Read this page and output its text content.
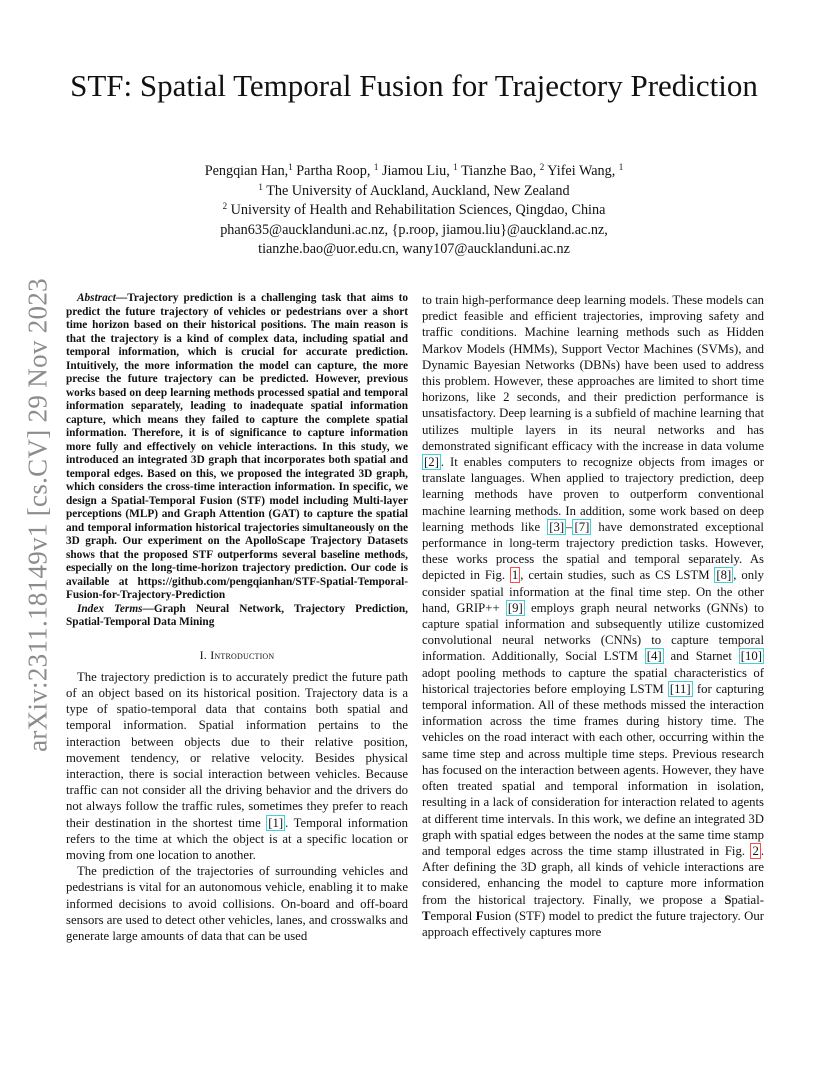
arXiv:2311.18149v1 [cs.CV] 29 Nov 2023
STF: Spatial Temporal Fusion for Trajectory Prediction
Pengqian Han,$^1$ Partha Roop, $^1$ Jiamou Liu, $^1$ Tianzhe Bao, $^2$ Yifei Wang, $^1$
$^1$ The University of Auckland, Auckland, New Zealand
$^2$ University of Health and Rehabilitation Sciences, Qingdao, China
phan635@aucklanduni.ac.nz, {p.roop, jiamou.liu}@auckland.ac.nz,
tianzhe.bao@uor.edu.cn, wany107@aucklanduni.ac.nz

Abstract—Trajectory prediction is a challenging task that aims to predict the future trajectory of vehicles or pedestrians over a short time horizon based on their historical positions. The main reason is that the trajectory is a kind of complex data, including spatial and temporal information, which is crucial for accurate prediction. Intuitively, the more information the model can capture, the more precise the future trajectory can be predicted. However, previous works based on deep learning methods processed spatial and temporal information separately, leading to inadequate spatial information capture, which means they failed to capture the complete spatial information. Therefore, it is of significance to capture information more fully and effectively on vehicle interactions. In this study, we introduced an integrated 3D graph that incorporates both spatial and temporal edges. Based on this, we proposed the integrated 3D graph, which considers the cross-time interaction information. In specific, we design a Spatial-Temporal Fusion (STF) model including Multi-layer perceptions (MLP) and Graph Attention (GAT) to capture the spatial and temporal information historical trajectories simultaneously on the 3D graph. Our experiment on the ApolloScape Trajectory Datasets shows that the proposed STF outperforms several baseline methods, especially on the long-time-horizon trajectory prediction. Our code is available at https://github.com/pengqianhan/STF-Spatial-Temporal-Fusion-for-Trajectory-Prediction

Index Terms—Graph Neural Network, Trajectory Prediction, Spatial-Temporal Data Mining

I. Introduction

The trajectory prediction is to accurately predict the future path of an object based on its historical position. Trajectory data is a type of spatio-temporal data that contains both spatial and temporal information. Spatial information pertains to the interaction between objects due to their relative position, movement tendency, or relative velocity. Besides physical interaction, there is social interaction between vehicles. Because traffic can not consider all the driving behavior and the drivers do not always follow the traffic rules, sometimes they prefer to reach their destination in the shortest time [1] . Temporal information refers to the time at which the object is at a specific location or moving from one location to another.

The prediction of the trajectories of surrounding vehicles and pedestrians is vital for an autonomous vehicle, enabling it to make informed decisions to avoid collisions. On-board and off-board sensors are used to detect other vehicles, lanes, and crosswalks and generate large amounts of data that can be used

to train high-performance deep learning models. These models can predict feasible and efficient trajectories, improving safety and traffic conditions. Machine learning methods such as Hidden Markov Models (HMMs), Support Vector Machines (SVMs), and Dynamic Bayesian Networks (DBNs) have been used to address this problem. However, these approaches are limited to short time horizons, like 2 seconds, and their prediction performance is unsatisfactory. Deep learning is a subfield of machine learning that utilizes multiple layers in its neural networks and has demonstrated significant efficacy with the increase in data volume [2] . It enables computers to recognize objects from images or translate languages. When applied to trajectory prediction, deep learning methods have proven to outperform conventional machine learning methods. In addition, some work based on deep learning methods like [3] – [7] have demonstrated exceptional performance in long-term trajectory prediction tasks. However, these works process the spatial and temporal separately. As depicted in Fig. 1 , certain studies, such as CS LSTM [8] , only consider spatial information at the final time step. On the other hand, GRIP++ [9] employs graph neural networks (GNNs) to capture spatial information and subsequently utilize customized convolutional neural networks (CNNs) to capture temporal information. Additionally, Social LSTM [4] and Starnet [10] adopt pooling methods to capture the spatial characteristics of historical trajectories before employing LSTM [11] for capturing temporal information. All of these methods missed the interaction information across the time frames during history time. The vehicles on the road interact with each other, occurring within the same time step and across multiple time steps. Previous research has focused on the interaction between agents. However, they have often treated spatial and temporal information in isolation, resulting in a lack of consideration for interaction related to agents at different time intervals. In this work, we define an integrated 3D graph with spatial edges between the nodes at the same time stamp and temporal edges across the time stamp illustrated in Fig. 2 . After defining the 3D graph, all kinds of vehicle interactions are considered, enhancing the model to capture more information from the historical trajectory. Finally, we propose a Spatial-Temporal Fusion (STF) model to predict the future trajectory. Our approach effectively captures more
